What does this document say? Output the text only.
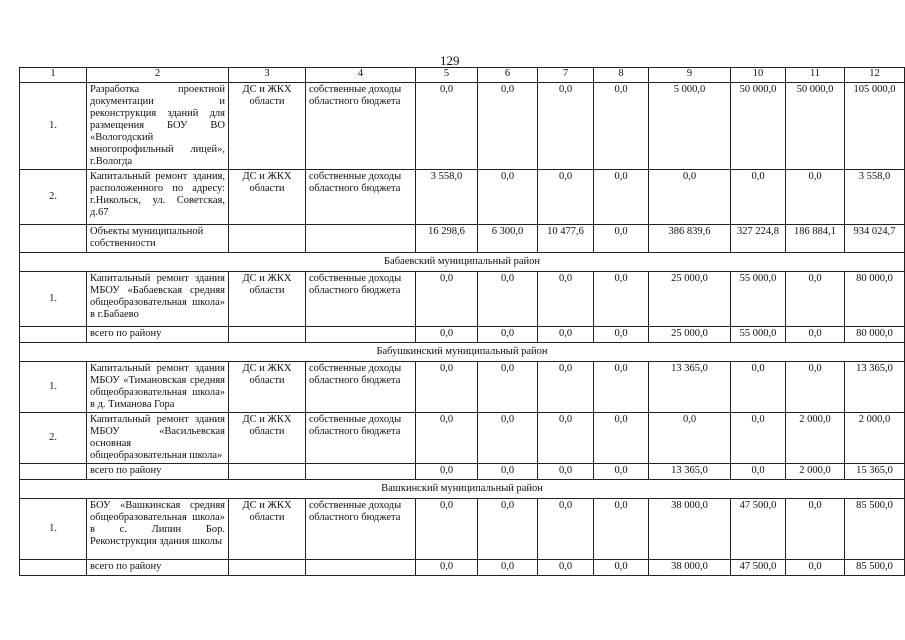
129
1	2	3	4	5	6	7	8	9	10	11	12
1.	Разработка проектной документации и реконструкция зданий для размещения БОУ ВО «Вологодский многопрофильный лицей», г.Вологда	ДС и ЖКХ области	собственные доходы областного бюджета	0,0	0,0	0,0	0,0	5 000,0	50 000,0	50 000,0	105 000,0
2.	Капитальный ремонт здания, расположенного по адресу: г.Никольск, ул. Советская, д.67	ДС и ЖКХ области	собственные доходы областного бюджета	3 558,0	0,0	0,0	0,0	0,0	0,0	0,0	3 558,0
	Объекты муниципальной собственности			16 298,6	6 300,0	10 477,6	0,0	386 839,6	327 224,8	186 884,1	934 024,7
Бабаевский муниципальный район											
1.	Капитальный ремонт здания МБОУ «Бабаевская средняя общеобразовательная школа» в г.Бабаево	ДС и ЖКХ области	собственные доходы областного бюджета	0,0	0,0	0,0	0,0	25 000,0	55 000,0	0,0	80 000,0
	всего по району			0,0	0,0	0,0	0,0	25 000,0	55 000,0	0,0	80 000,0
Бабушкинский муниципальный район											
1.	Капитальный ремонт здания МБОУ «Тимановская средняя общеобразовательная школа» в д. Тиманова Гора	ДС и ЖКХ области	собственные доходы областного бюджета	0,0	0,0	0,0	0,0	13 365,0	0,0	0,0	13 365,0
2.	Капитальный ремонт здания МБОУ «Васильевская основная общеобразовательная школа»	ДС и ЖКХ области	собственные доходы областного бюджета	0,0	0,0	0,0	0,0	0,0	0,0	2 000,0	2 000,0
	всего по району			0,0	0,0	0,0	0,0	13 365,0	0,0	2 000,0	15 365,0
Вашкинский муниципальный район											
1.	БОУ «Вашкинская средняя общеобразовательная школа» в с. Липин Бор. Реконструкция здания школы	ДС и ЖКХ области	собственные доходы областного бюджета	0,0	0,0	0,0	0,0	38 000,0	47 500,0	0,0	85 500,0
	всего по району			0,0	0,0	0,0	0,0	38 000,0	47 500,0	0,0	85 500,0
